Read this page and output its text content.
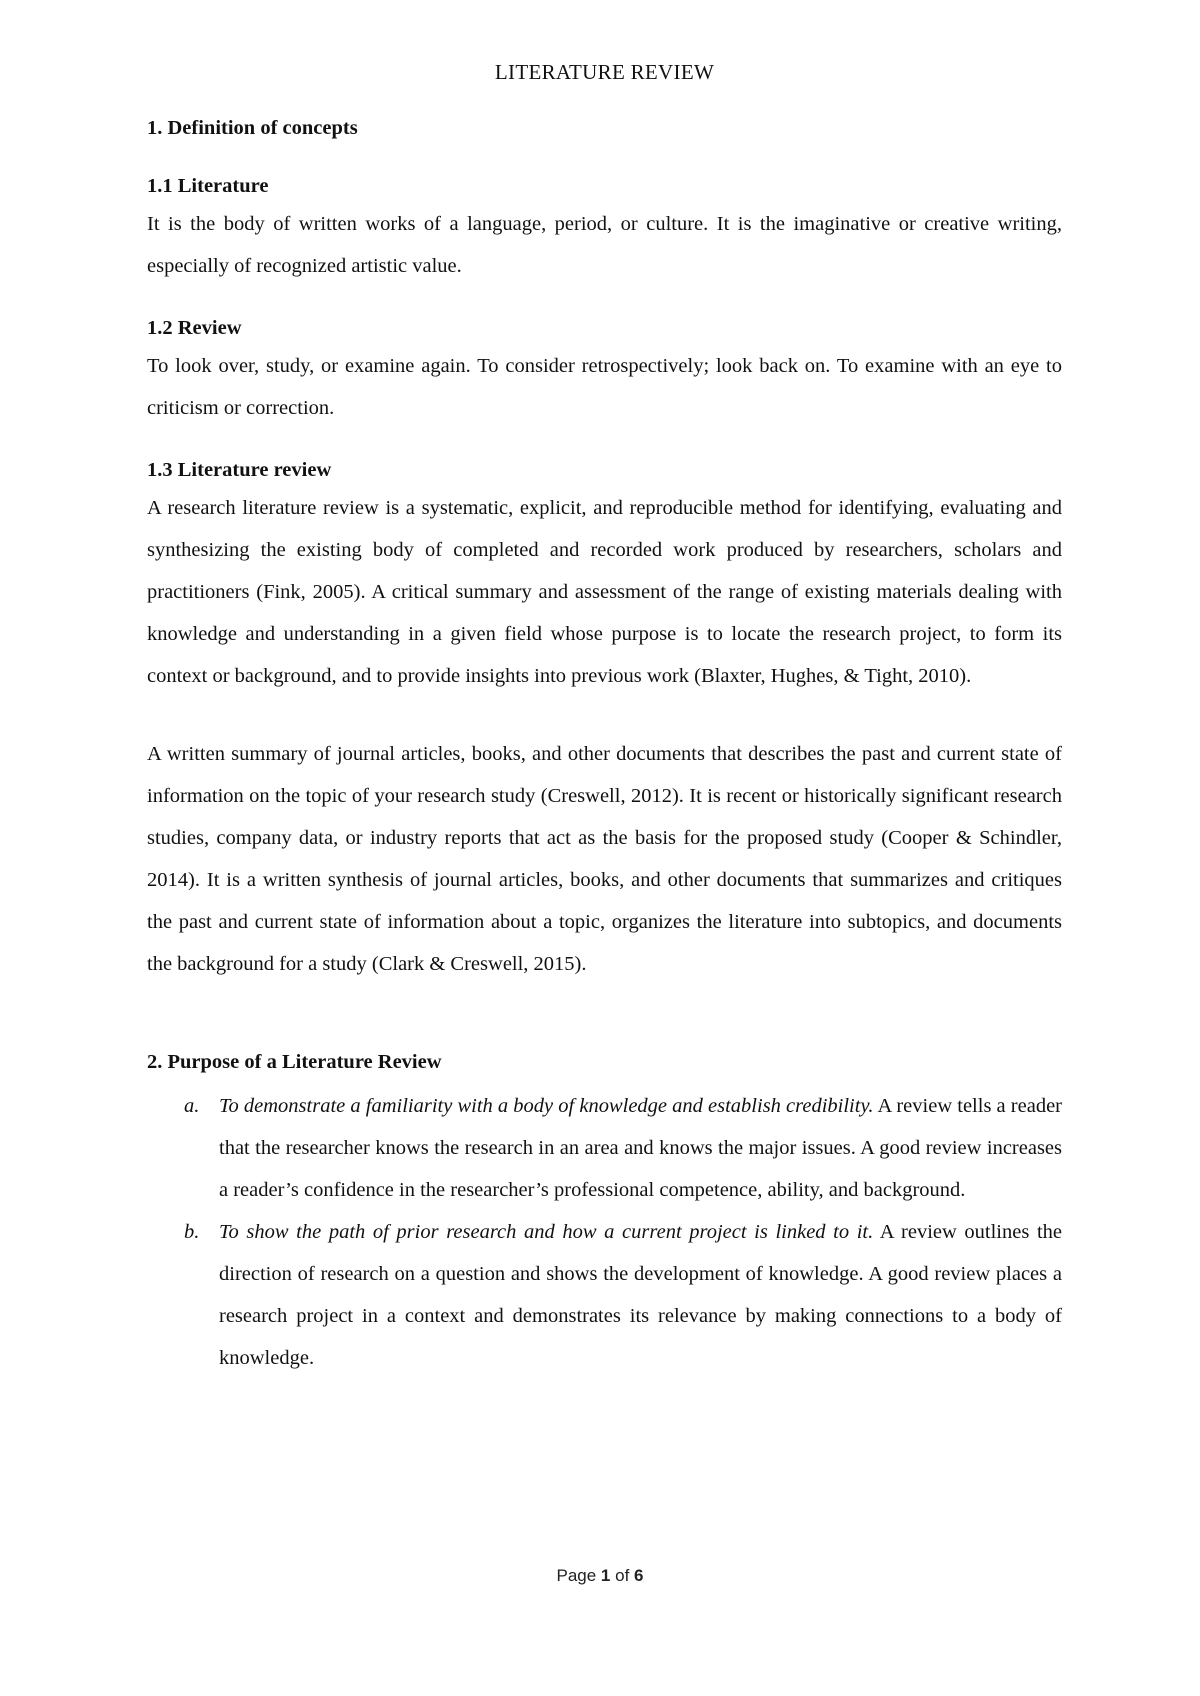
LITERATURE REVIEW

1. Definition of concepts
1.1 Literature

It is the body of written works of a language, period, or culture. It is the imaginative or creative writing, especially of recognized artistic value.

1.2 Review

To look over, study, or examine again. To consider retrospectively; look back on. To examine with an eye to criticism or correction.

1.3 Literature review

A research literature review is a systematic, explicit, and reproducible method for identifying, evaluating and synthesizing the existing body of completed and recorded work produced by researchers, scholars and practitioners (Fink, 2005). A critical summary and assessment of the range of existing materials dealing with knowledge and understanding in a given field whose purpose is to locate the research project, to form its context or background, and to provide insights into previous work (Blaxter, Hughes, & Tight, 2010).

A written summary of journal articles, books, and other documents that describes the past and current state of information on the topic of your research study (Creswell, 2012). It is recent or historically significant research studies, company data, or industry reports that act as the basis for the proposed study (Cooper & Schindler, 2014). It is a written synthesis of journal articles, books, and other documents that summarizes and critiques the past and current state of information about a topic, organizes the literature into subtopics, and documents the background for a study (Clark & Creswell, 2015).

2. Purpose of a Literature Review
a. To demonstrate a familiarity with a body of knowledge and establish credibility. A review tells a reader that the researcher knows the research in an area and knows the major issues. A good review increases a reader’s confidence in the researcher’s professional competence, ability, and background.
b. To show the path of prior research and how a current project is linked to it. A review outlines the direction of research on a question and shows the development of knowledge. A good review places a research project in a context and demonstrates its relevance by making connections to a body of knowledge.
Page 1 of 6
